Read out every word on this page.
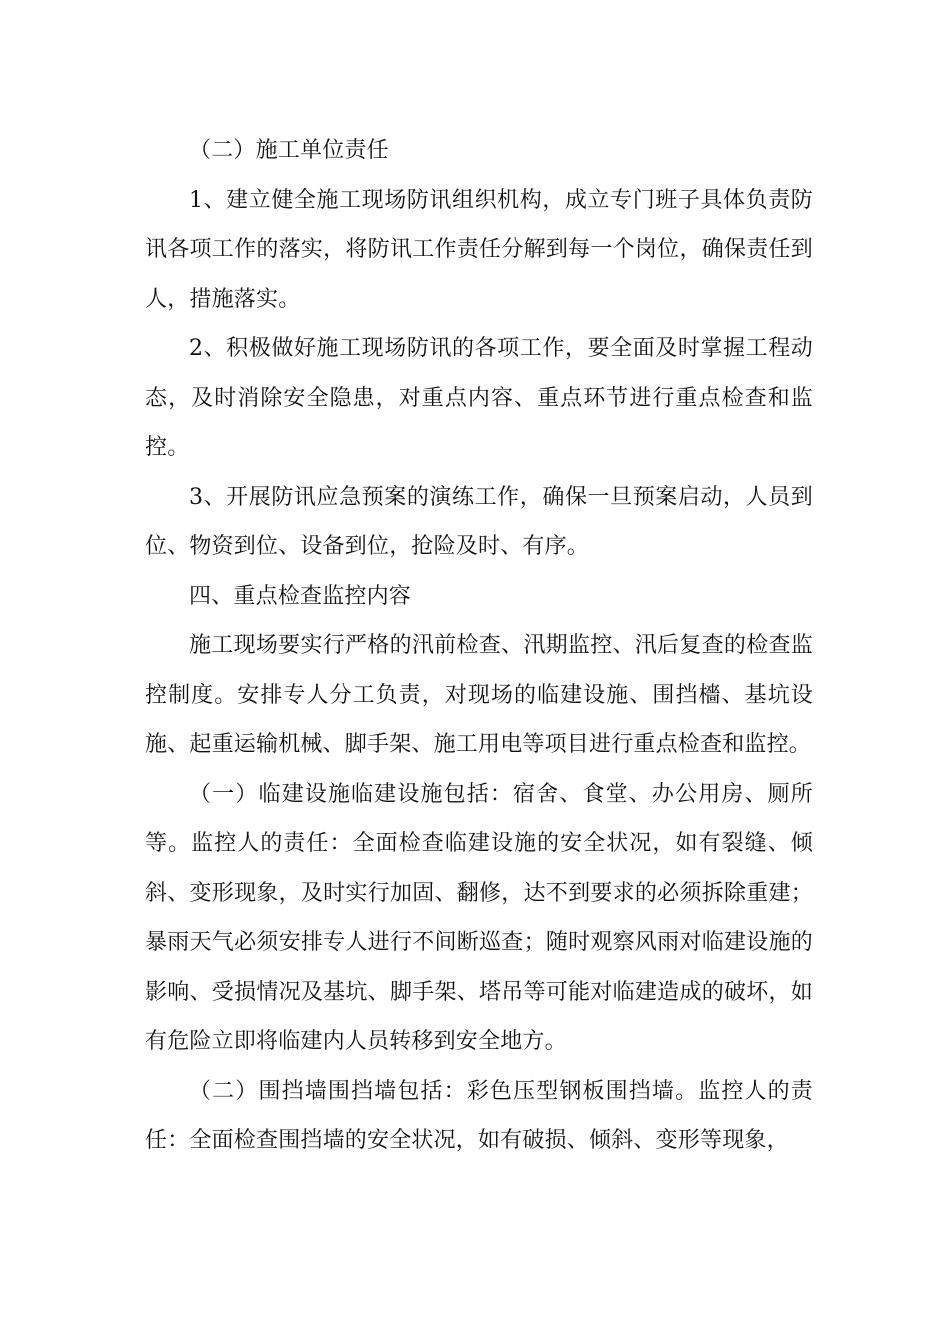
（二）施工单位责任

1、建立健全施工现场防讯组织机构，成立专门班子具体负责防讯各项工作的落实，将防讯工作责任分解到每一个岗位，确保责任到人，措施落实。

2、积极做好施工现场防讯的各项工作，要全面及时掌握工程动态，及时消除安全隐患，对重点内容、重点环节进行重点检查和监控。

3、开展防讯应急预案的演练工作，确保一旦预案启动，人员到位、物资到位、设备到位，抢险及时、有序。

四、重点检查监控内容

施工现场要实行严格的汛前检查、汛期监控、汛后复查的检查监控制度。安排专人分工负责，对现场的临建设施、围挡檣、基坑设施、起重运输机械、脚手架、施工用电等项目进行重点检查和监控。

（一）临建设施临建设施包括：宿舍、食堂、办公用房、厕所等。监控人的责任：全面检查临建设施的安全状况，如有裂缝、倾斜、变形现象，及时实行加固、翻修，达不到要求的必须拆除重建；暴雨天气必须安排专人进行不间断巡查；随时观察风雨对临建设施的影响、受损情况及基坑、脚手架、塔吊等可能对临建造成的破坏，如有危险立即将临建内人员转移到安全地方。

（二）围挡墙围挡墙包括：彩色压型钢板围挡墙。监控人的责任：全面检查围挡墙的安全状况，如有破损、倾斜、变形等现象，
